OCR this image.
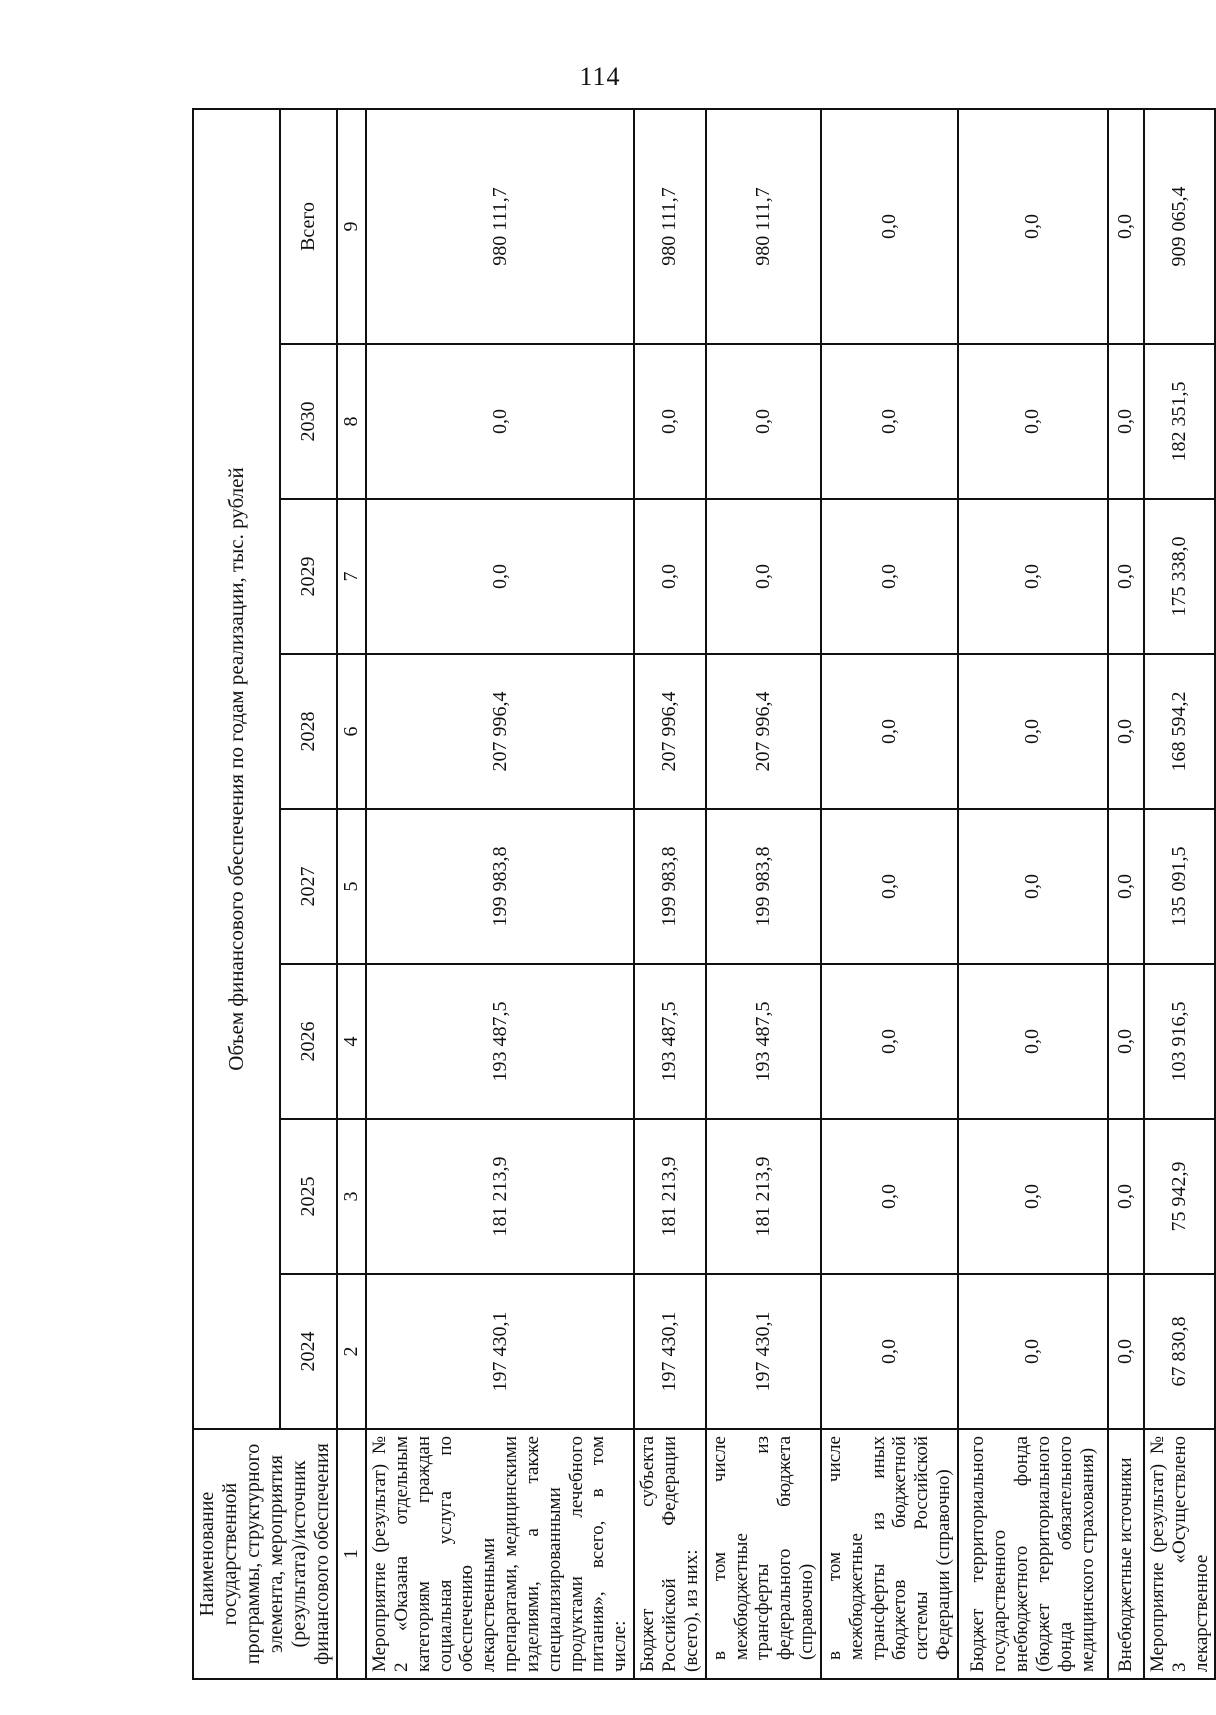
114
Наименование государственной программы, структурного элемента, мероприятия (результата)/источник финансового обеспечения	Объем финансового обеспечения по годам реализации, тыс. рублей							
	2024	2025	2026	2027	2028	2029	2030	Всего
1	2	3	4	5	6	7	8	9
Мероприятие (результат) № 2 «Оказана отдельным категориям граждан социальная услуга по обеспечению лекарственными препаратами, медицинскими изделиями, а также специализированными продуктами лечебного питания», всего, в том числе:	197 430,1	181 213,9	193 487,5	199 983,8	207 996,4	0,0	0,0	980 111,7
Бюджет субъекта Российской Федерации (всего), из них:	197 430,1	181 213,9	193 487,5	199 983,8	207 996,4	0,0	0,0	980 111,7
в том числе межбюджетные трансферты из федерального бюджета (справочно)	197 430,1	181 213,9	193 487,5	199 983,8	207 996,4	0,0	0,0	980 111,7
в том числе межбюджетные трансферты из иных бюджетов бюджетной системы Российской Федерации (справочно)	0,0	0,0	0,0	0,0	0,0	0,0	0,0	0,0
Бюджет территориального государственного внебюджетного фонда (бюджет территориального фонда обязательного медицинского страхования)	0,0	0,0	0,0	0,0	0,0	0,0	0,0	0,0
Внебюджетные источники	0,0	0,0	0,0	0,0	0,0	0,0	0,0	0,0
Мероприятие (результат) № 3 «Осуществлено лекарственное	67 830,8	75 942,9	103 916,5	135 091,5	168 594,2	175 338,0	182 351,5	909 065,4
